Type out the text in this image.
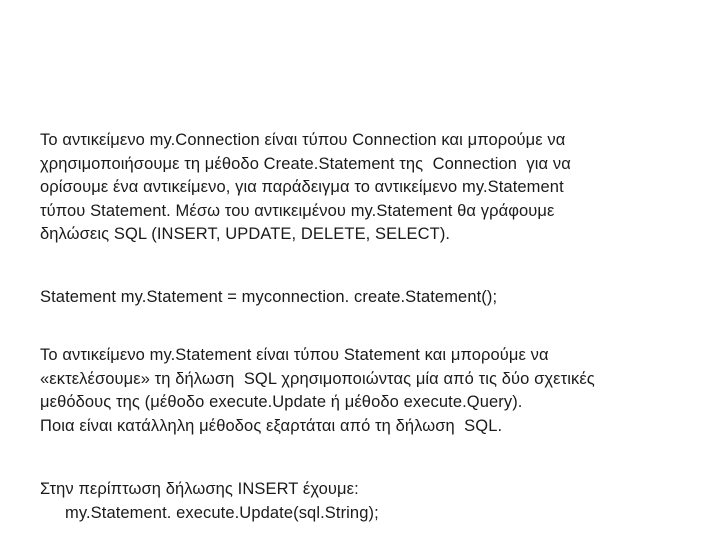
Το αντικείμενο my.Connection είναι τύπου Connection και μπορούμε να
χρησιμοποιήσουμε τη μέθοδο Create.Statement της  Connection  για να
ορίσουμε ένα αντικείμενο, για παράδειγμα το αντικείμενο my.Statement
τύπου Statement. Μέσω του αντικειμένου my.Statement θα γράφουμε
δηλώσεις SQL (INSERT, UPDATE, DELETE, SELECT).
Statement my.Statement = myconnection. create.Statement();
Το αντικείμενο my.Statement είναι τύπου Statement και μπορούμε να
«εκτελέσουμε» τη δήλωση  SQL χρησιμοποιώντας μία από τις δύο σχετικές
μεθόδους της (μέθοδο execute.Update ή μέθοδο execute.Query).
Ποια είναι κατάλληλη μέθοδος εξαρτάται από τη δήλωση  SQL.
Στην περίπτωση δήλωσης INSERT έχουμε:
my.Statement. execute.Update(sql.String);
